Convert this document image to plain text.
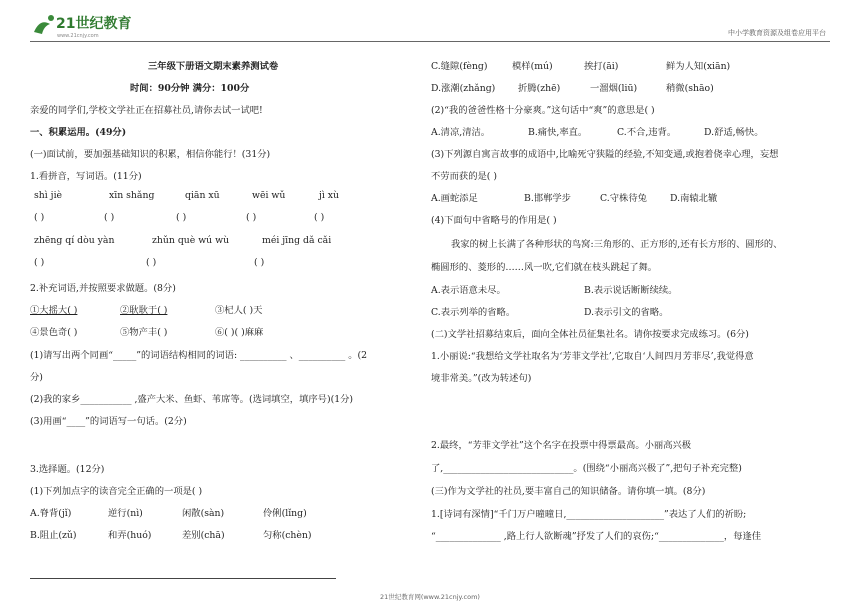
21世纪教育
www.21cnjy.com	中小学教育资源及组卷应用平台
三年级下册语文期末素养测试卷
时间：90分钟 满分：100分
亲爱的同学们,学校文学社正在招募社员,请你去试一试吧!
一、积累运用。(49分)
(一)面试前，要加强基础知识的积累，相信你能行！(31分)
1.看拼音，写词语。(11分)
shì jiè	xīn shǎng	qiān xū	wēi wǔ	jì xù
( )	( )	( )	( )	( )
zhēng qí dòu yàn	zhǔn què wú wù	méi jīng dǎ cǎi
( )	( )	( )
2.补充词语,并按照要求做题。(8分)
①大摇大( )	②耿耿于( )	③杞人( )天
④景色奇( )	⑤物产丰( )	⑥( )( )麻麻
(1)请写出两个同画“_____”的词语结构相同的词语: __________ 、__________ 。(2
分)
(2)我的家乡___________ ,盛产大米、鱼虾、苇席等。(选词填空，填序号)(1分)
(3)用画“____”的词语写一句话。(2分)
3.选择题。(12分)
(1)下列加点字的读音完全正确的一项是( )
A.脊背(jǐ)	逆行(nì)	闲散(sàn)	伶俐(lǐng)
B.阻止(zǔ)	和弄(huó)	差别(chā)	匀称(chèn)
C.缝隙(fèng)	模样(mú)	挨打(āi)	鲜为人知(xiān)
D.涨潮(zhǎng) 折腾(zhē)	一溜烟(liū)	稍微(shāo)
(2)“我的爸爸性格十分豪爽。”这句话中“爽”的意思是( )
A.清凉,清洁。	B.痛快,率直。	C.不合,违背。	D.舒适,畅快。
(3)下列源自寓言故事的成语中,比喻死守狭隘的经验,不知变通,或抱着侥幸心理，妄想
不劳而获的是( )
A.画蛇添足	B.邯郸学步	C.守株待兔 D.南辕北辙
(4)下面句中省略号的作用是( )
我家的树上长满了各种形状的鸟窝:三角形的、正方形的,还有长方形的、圆形的、
椭圆形的、菱形的……风一吹,它们就在枝头跳起了舞。
A.表示语意未尽。	B.表示说话断断续续。
C.表示列举的省略。	D.表示引文的省略。
(二)文学社招募结束后，面向全体社员征集社名。请你按要求完成练习。(6分)
1.小丽说:“我想给文学社取名为‘芳菲文学社’,它取自‘人间四月芳菲尽’,我觉得意
境非常美。”(改为转述句)
2.最终，“芳菲文学社”这个名字在投票中得票最高。小丽高兴极
了,____________________________。(围绕“小丽高兴极了”,把句子补充完整)
(三)作为文学社的社员,要丰富自己的知识储备。请你填一填。(8分)
1.[诗词有深情]“千门万户曈曈日,_____________________”表达了人们的祈盼;
“______________ ,路上行人欲断魂”抒发了人们的哀伤;“______________，每逢佳
21世纪教育网(www.21cnjy.com)
